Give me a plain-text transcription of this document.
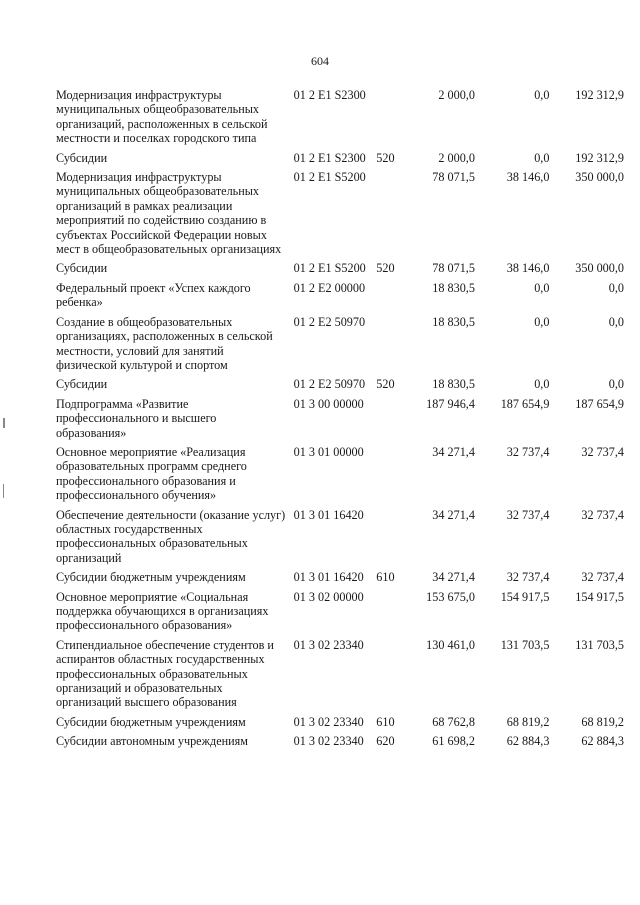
604
Модернизация инфраструктуры муниципальных общеобразовательных организаций, расположенных в сельской местности и поселках городского типа	01 2 E1 S2300		2 000,0	0,0	192 312,9
Субсидии	01 2 E1 S2300	520	2 000,0	0,0	192 312,9
Модернизация инфраструктуры муниципальных общеобразовательных организаций в рамках реализации мероприятий по содействию созданию в субъектах Российской Федерации новых мест в общеобразовательных организациях	01 2 E1 S5200		78 071,5	38 146,0	350 000,0
Субсидии	01 2 E1 S5200	520	78 071,5	38 146,0	350 000,0
Федеральный проект «Успех каждого ребенка»	01 2 E2 00000		18 830,5	0,0	0,0
Создание в общеобразовательных организациях, расположенных в сельской местности, условий для занятий физической культурой и спортом	01 2 E2 50970		18 830,5	0,0	0,0
Субсидии	01 2 E2 50970	520	18 830,5	0,0	0,0
Подпрограмма «Развитие профессионального и высшего образования»	01 3 00 00000		187 946,4	187 654,9	187 654,9
Основное мероприятие «Реализация образовательных программ среднего профессионального образования и профессионального обучения»	01 3 01 00000		34 271,4	32 737,4	32 737,4
Обеспечение деятельности (оказание услуг) областных государственных профессиональных образовательных организаций	01 3 01 16420		34 271,4	32 737,4	32 737,4
Субсидии бюджетным учреждениям	01 3 01 16420	610	34 271,4	32 737,4	32 737,4
Основное мероприятие «Социальная поддержка обучающихся в организациях профессионального образования»	01 3 02 00000		153 675,0	154 917,5	154 917,5
Стипендиальное обеспечение студентов и аспирантов областных государственных профессиональных образовательных организаций и образовательных организаций высшего образования	01 3 02 23340		130 461,0	131 703,5	131 703,5
Субсидии бюджетным учреждениям	01 3 02 23340	610	68 762,8	68 819,2	68 819,2
Субсидии автономным учреждениям	01 3 02 23340	620	61 698,2	62 884,3	62 884,3
